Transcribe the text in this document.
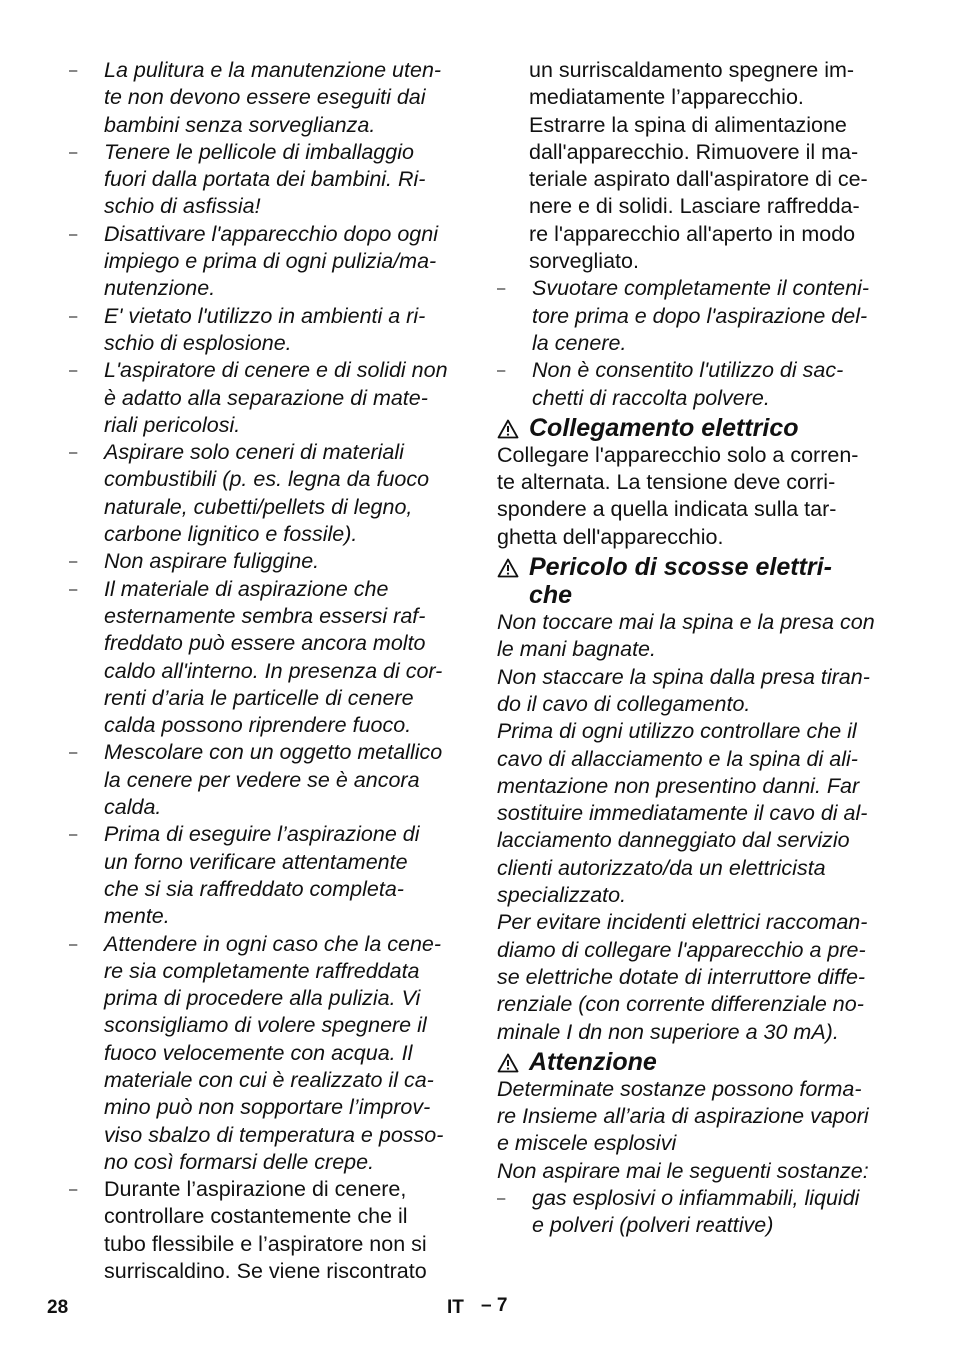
– La pulitura e la manutenzione uten-
te non devono essere eseguiti dai
bambini senza sorveglianza.
– Tenere le pellicole di imballaggio
fuori dalla portata dei bambini. Ri-
schio di asfissia!
– Disattivare l'apparecchio dopo ogni
impiego e prima di ogni pulizia/ma-
nutenzione.
– E' vietato l'utilizzo in ambienti a ri-
schio di esplosione.
– L'aspiratore di cenere e di solidi non
è adatto alla separazione di mate-
riali pericolosi.
– Aspirare solo ceneri di materiali
combustibili (p. es. legna da fuoco
naturale, cubetti/pellets di legno,
carbone lignitico e fossile).
– Non aspirare fuliggine.
– Il materiale di aspirazione che
esternamente sembra essersi raf-
freddato può essere ancora molto
caldo all'interno. In presenza di cor-
renti d’aria le particelle di cenere
calda possono riprendere fuoco.
– Mescolare con un oggetto metallico
la cenere per vedere se è ancora
calda.
– Prima di eseguire l’aspirazione di
un forno verificare attentamente
che si sia raffreddato completa-
mente.
– Attendere in ogni caso che la cene-
re sia completamente raffreddata
prima di procedere alla pulizia. Vi
sconsigliamo di volere spegnere il
fuoco velocemente con acqua. Il
materiale con cui è realizzato il ca-
mino può non sopportare l’improv-
viso sbalzo di temperatura e posso-
no così formarsi delle crepe.
– Durante l’aspirazione di cenere,
controllare costantemente che il
tubo flessibile e l’aspiratore non si
surriscaldino. Se viene riscontrato
un surriscaldamento spegnere im-
mediatamente l’apparecchio.
Estrarre la spina di alimentazione
dall'apparecchio. Rimuovere il ma-
teriale aspirato dall'aspiratore di ce-
nere e di solidi. Lasciare raffredda-
re l'apparecchio all'aperto in modo
sorvegliato.
– Svuotare completamente il conteni-
tore prima e dopo l'aspirazione del-
la cenere.
– Non è consentito l'utilizzo di sac-
chetti di raccolta polvere.
Collegamento elettrico
Collegare l'apparecchio solo a corren-
te alternata. La tensione deve corri-
spondere a quella indicata sulla tar-
ghetta dell'apparecchio.
Pericolo di scosse elettri-
che
Non toccare mai la spina e la presa con
le mani bagnate.
Non staccare la spina dalla presa tiran-
do il cavo di collegamento.
Prima di ogni utilizzo controllare che il
cavo di allacciamento e la spina di ali-
mentazione non presentino danni. Far
sostituire immediatamente il cavo di al-
lacciamento danneggiato dal servizio
clienti autorizzato/da un elettricista
specializzato.
Per evitare incidenti elettrici raccoman-
diamo di collegare l'apparecchio a pre-
se elettriche dotate di interruttore diffe-
renziale (con corrente differenziale no-
minale I dn non superiore a 30 mA).
Attenzione
Determinate sostanze possono forma-
re Insieme all’aria di aspirazione vapori
e miscele esplosivi
Non aspirare mai le seguenti sostanze:
– gas esplosivi o infiammabili, liquidi
e polveri (polveri reattive)
28	IT – 7
